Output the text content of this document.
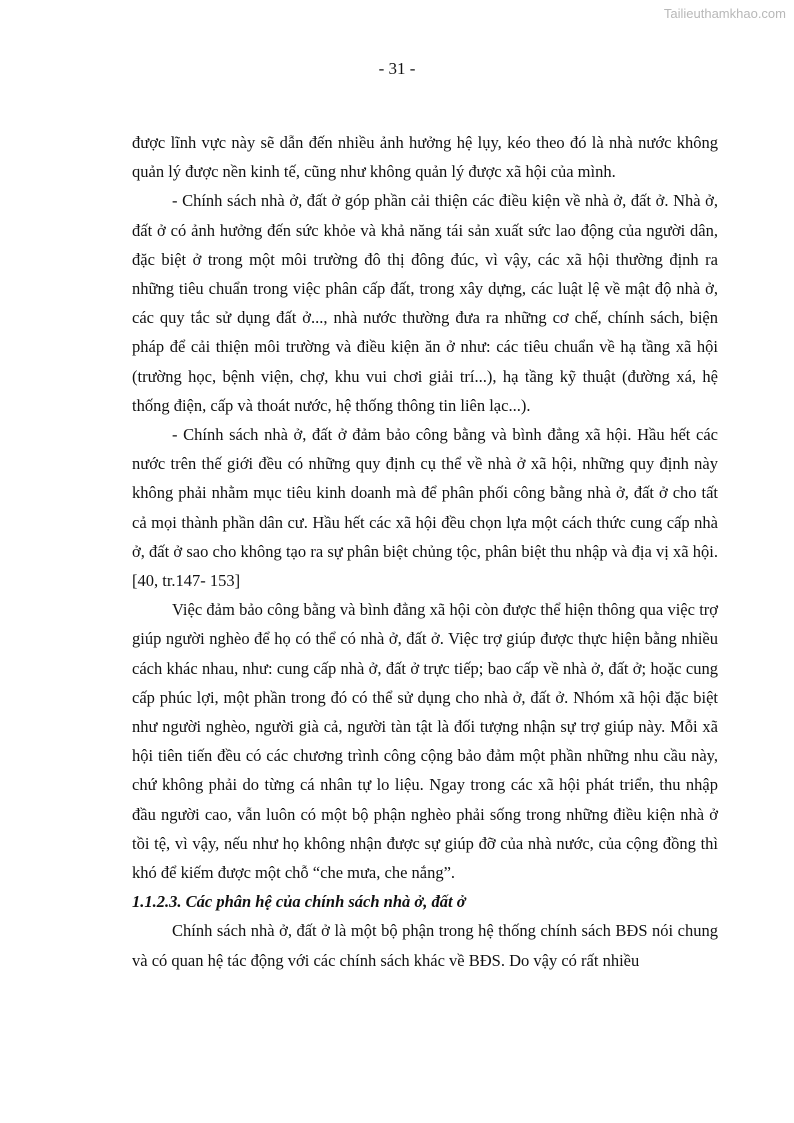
Tailieuthamkhao.com
- 31 -

được lĩnh vực này sẽ dẫn đến nhiều ảnh hưởng hệ lụy, kéo theo đó là nhà nước không quản lý được nền kinh tế, cũng như không quản lý được xã hội của mình.

- Chính sách nhà ở, đất ở góp phần cải thiện các điều kiện về nhà ở, đất ở. Nhà ở, đất ở có ảnh hưởng đến sức khỏe và khả năng tái sản xuất sức lao động của người dân, đặc biệt ở trong một môi trường đô thị đông đúc, vì vậy, các xã hội thường định ra những tiêu chuẩn trong việc phân cấp đất, trong xây dựng, các luật lệ về mật độ nhà ở, các quy tắc sử dụng đất ở..., nhà nước thường đưa ra những cơ chế, chính sách, biện pháp để cải thiện môi trường và điều kiện ăn ở như: các tiêu chuẩn về hạ tầng xã hội (trường học, bệnh viện, chợ, khu vui chơi giải trí...), hạ tầng kỹ thuật (đường xá, hệ thống điện, cấp và thoát nước, hệ thống thông tin liên lạc...).

- Chính sách nhà ở, đất ở đảm bảo công bằng và bình đẳng xã hội. Hầu hết các nước trên thế giới đều có những quy định cụ thể về nhà ở xã hội, những quy định này không phải nhằm mục tiêu kinh doanh mà để phân phối công bằng nhà ở, đất ở cho tất cả mọi thành phần dân cư. Hầu hết các xã hội đều chọn lựa một cách thức cung cấp nhà ở, đất ở sao cho không tạo ra sự phân biệt chủng tộc, phân biệt thu nhập và địa vị xã hội. [40, tr.147- 153]

Việc đảm bảo công bằng và bình đẳng xã hội còn được thể hiện thông qua việc trợ giúp người nghèo để họ có thể có nhà ở, đất ở. Việc trợ giúp được thực hiện bằng nhiều cách khác nhau, như: cung cấp nhà ở, đất ở trực tiếp; bao cấp về nhà ở, đất ở; hoặc cung cấp phúc lợi, một phần trong đó có thể sử dụng cho nhà ở, đất ở. Nhóm xã hội đặc biệt như người nghèo, người già cả, người tàn tật là đối tượng nhận sự trợ giúp này. Mỗi xã hội tiên tiến đều có các chương trình công cộng bảo đảm một phần những nhu cầu này, chứ không phải do từng cá nhân tự lo liệu. Ngay trong các xã hội phát triển, thu nhập đầu người cao, vẫn luôn có một bộ phận nghèo phải sống trong những điều kiện nhà ở tồi tệ, vì vậy, nếu như họ không nhận được sự giúp đỡ của nhà nước, của cộng đồng thì khó để kiếm được một chỗ “che mưa, che nắng”.

1.1.2.3. Các phân hệ của chính sách nhà ở, đất ở

Chính sách nhà ở, đất ở là một bộ phận trong hệ thống chính sách BĐS nói chung và có quan hệ tác động với các chính sách khác về BĐS. Do vậy có rất nhiều
